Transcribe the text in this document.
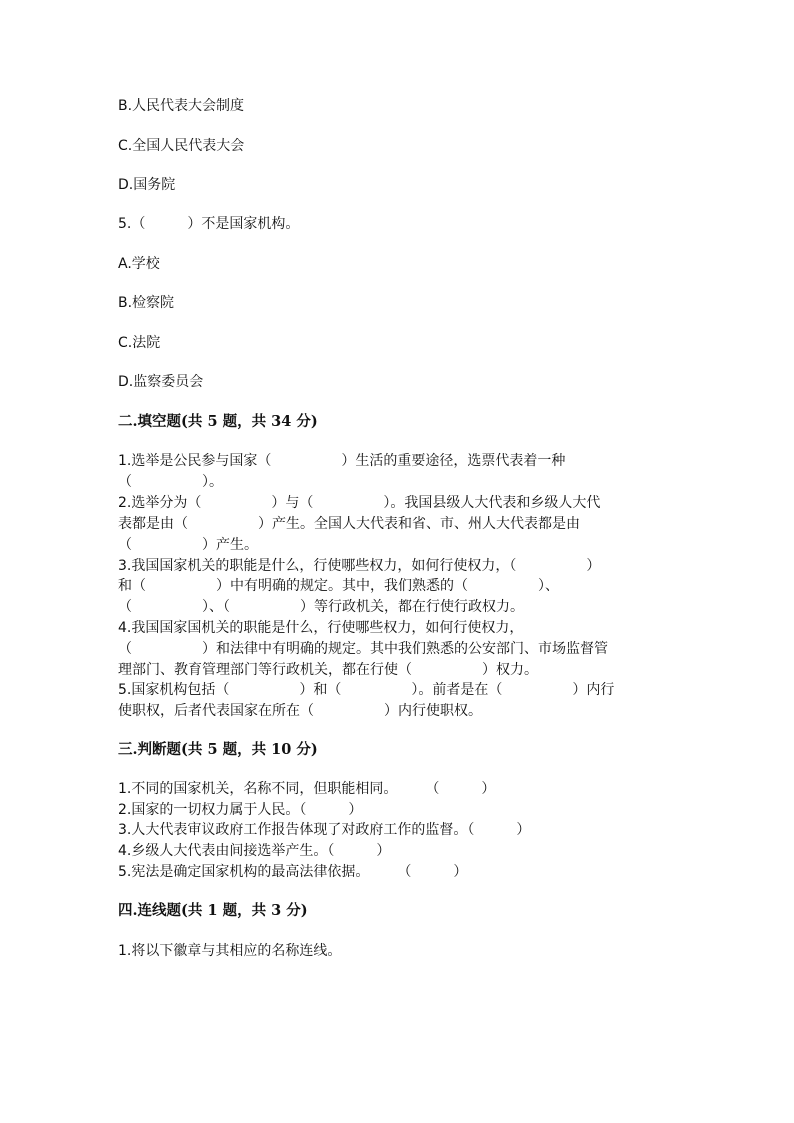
B.人民代表大会制度
C.全国人民代表大会
D.国务院
5.（　　　）不是国家机构。
A.学校
B.检察院
C.法院
D.监察委员会
二.填空题(共 5 题，共 34 分)
1.选举是公民参与国家（　　　　　）生活的重要途径，选票代表着一种
（　　　　　）。
2.选举分为（　　　　　）与（　　　　　）。我国县级人大代表和乡级人大代
表都是由（　　　　　）产生。全国人大代表和省、市、州人大代表都是由
（　　　　　）产生。
3.我国国家机关的职能是什么，行使哪些权力，如何行使权力，（　　　　　）
和（　　　　　）中有明确的规定。其中，我们熟悉的（　　　　　）、
（　　　　　）、（　　　　　）等行政机关，都在行使行政权力。
4.我国国家国机关的职能是什么，行使哪些权力，如何行使权力，
（　　　　　）和法律中有明确的规定。其中我们熟悉的公安部门、市场监督管
理部门、教育管理部门等行政机关，都在行使（　　　　　）权力。
5.国家机构包括（　　　　　）和（　　　　　）。前者是在（　　　　　）内行
使职权，后者代表国家在所在（　　　　　）内行使职权。
三.判断题(共 5 题，共 10 分)
1.不同的国家机关，名称不同，但职能相同。　　　（　　　）
2.国家的一切权力属于人民。（　　　）
3.人大代表审议政府工作报告体现了对政府工作的监督。（　　　）
4.乡级人大代表由间接选举产生。（　　　）
5.宪法是确定国家机构的最高法律依据。　　　（　　　）
四.连线题(共 1 题，共 3 分)
1.将以下徽章与其相应的名称连线。
